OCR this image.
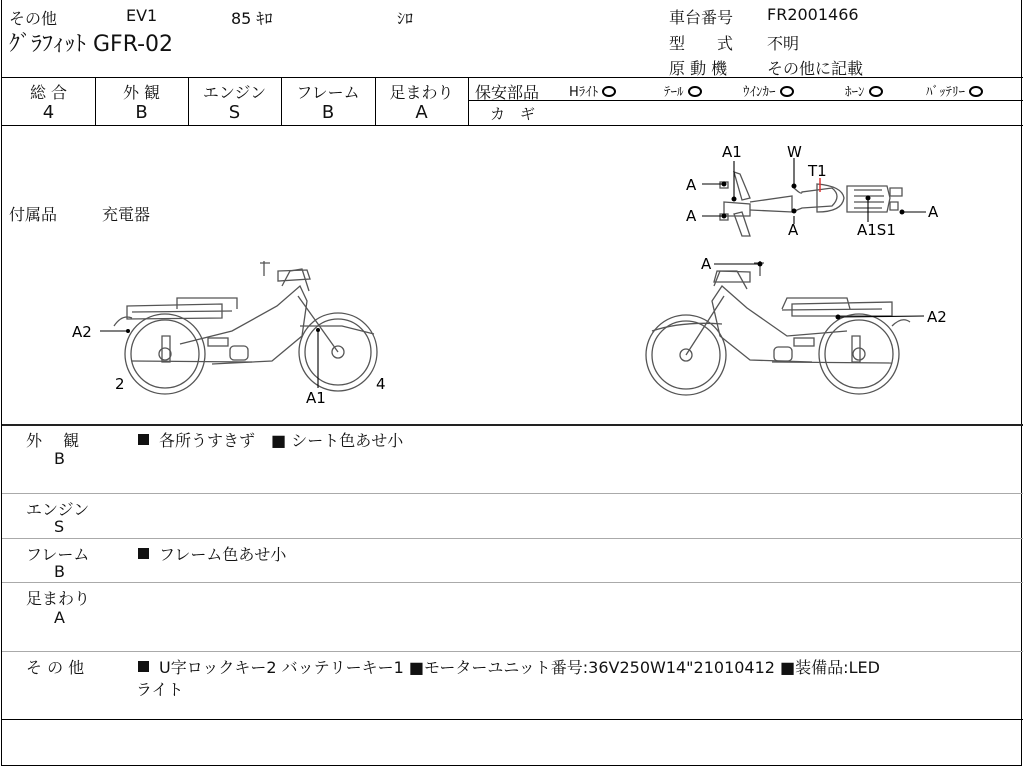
その他	EV1	85 ｷﾛ	ｼﾛ
ｸﾞﾗﾌｨｯﾄ GFR-02
車台番号 FR2001466
型　　式 不明
原 動 機 その他に記載
総 合	外 観	エンジン	フレーム	足まわり
4	B	S	B	A
保安部品 Hﾗｲﾄ	ﾃｰﾙ	ｳｲﾝｶｰ	ﾎｰﾝ	ﾊﾞｯﾃﾘｰ
カ　ギ
付属品	充電器
A2
2	4
A1
A1	W
T1
A
A
A
A
A1S1
A
A2
外　 観
B
各所うすきず　■ シート色あせ小
エンジン
S
フレーム
B
フレーム色あせ小
足まわり
A
そ の 他	U字ロックキー2 バッテリーキー1 ■モーターユニット番号:36V250W14"21010412 ■装備品:LED
ライト
